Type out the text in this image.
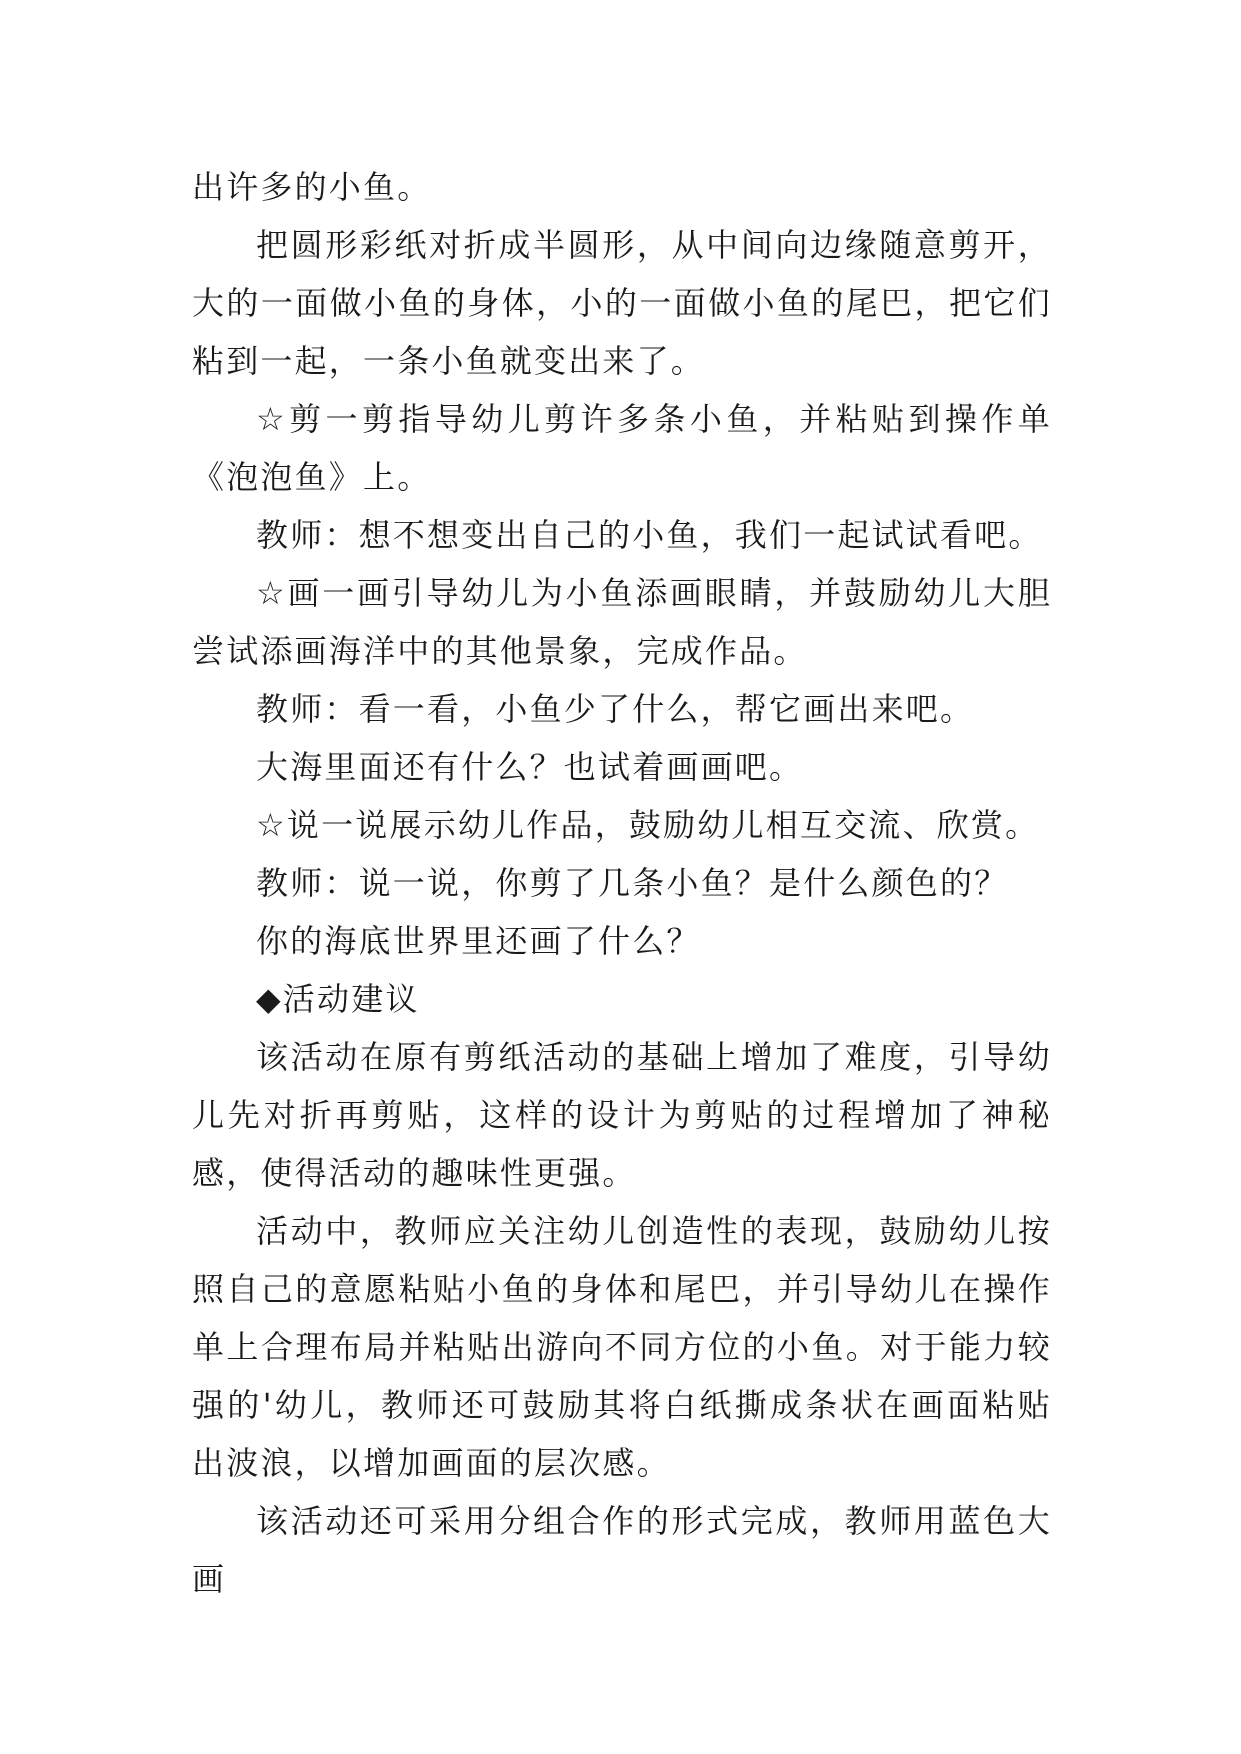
出许多的小鱼。

把圆形彩纸对折成半圆形，从中间向边缘随意剪开，大的一面做小鱼的身体，小的一面做小鱼的尾巴，把它们粘到一起，一条小鱼就变出来了。

☆剪一剪指导幼儿剪许多条小鱼，并粘贴到操作单《泡泡鱼》上。

教师：想不想变出自己的小鱼，我们一起试试看吧。

☆画一画引导幼儿为小鱼添画眼睛，并鼓励幼儿大胆尝试添画海洋中的其他景象，完成作品。

教师：看一看，小鱼少了什么，帮它画出来吧。

大海里面还有什么？也试着画画吧。

☆说一说展示幼儿作品，鼓励幼儿相互交流、欣赏。

教师：说一说，你剪了几条小鱼？是什么颜色的？

你的海底世界里还画了什么？

◆活动建议

该活动在原有剪纸活动的基础上增加了难度，引导幼儿先对折再剪贴，这样的设计为剪贴的过程增加了神秘感，使得活动的趣味性更强。

活动中，教师应关注幼儿创造性的表现，鼓励幼儿按照自己的意愿粘贴小鱼的身体和尾巴，并引导幼儿在操作单上合理布局并粘贴出游向不同方位的小鱼。对于能力较强的'幼儿，教师还可鼓励其将白纸撕成条状在画面粘贴出波浪，以增加画面的层次感。

该活动还可采用分组合作的形式完成，教师用蓝色大画
